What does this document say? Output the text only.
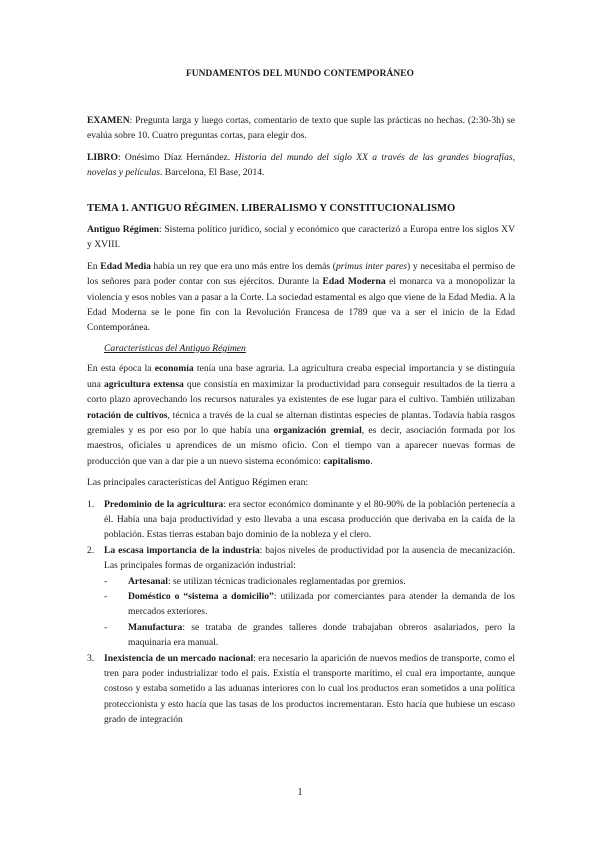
FUNDAMENTOS DEL MUNDO CONTEMPORÁNEO

EXAMEN: Pregunta larga y luego cortas, comentario de texto que suple las prácticas no hechas. (2:30-3h) se evalúa sobre 10. Cuatro preguntas cortas, para elegir dos.

LIBRO: Onésimo Díaz Hernández. Historia del mundo del siglo XX a través de las grandes biografías, novelas y películas. Barcelona, El Base, 2014.

TEMA 1. ANTIGUO RÉGIMEN. LIBERALISMO Y CONSTITUCIONALISMO

Antiguo Régimen: Sistema político jurídico, social y económico que caracterizó a Europa entre los siglos XV y XVIII.

En Edad Media había un rey que era uno más entre los demás (primus inter pares) y necesitaba el permiso de los señores para poder contar con sus ejércitos. Durante la Edad Moderna el monarca va a monopolizar la violencia y esos nobles van a pasar a la Corte. La sociedad estamental es algo que viene de la Edad Media. A la Edad Moderna se le pone fin con la Revolución Francesa de 1789 que va a ser el inicio de la Edad Contemporánea.

Características del Antiguo Régimen

En esta época la economía tenía una base agraria. La agricultura creaba especial importancia y se distinguía una agricultura extensa que consistía en maximizar la productividad para conseguir resultados de la tierra a corto plazo aprovechando los recursos naturales ya existentes de ese lugar para el cultivo. También utilizaban rotación de cultivos, técnica a través de la cual se alternan distintas especies de plantas. Todavía había rasgos gremiales y es por eso por lo que había una organización gremial, es decir, asociación formada por los maestros, oficiales u aprendices de un mismo oficio. Con el tiempo van a aparecer nuevas formas de producción que van a dar pie a un nuevo sistema económico: capitalismo.

Las principales características del Antiguo Régimen eran:

1. Predominio de la agricultura: era sector económico dominante y el 80-90% de la población pertenecía a él. Había una baja productividad y esto llevaba a una escasa producción que derivaba en la caída de la población. Estas tierras estaban bajo dominio de la nobleza y el clero.
2. La escasa importancia de la industria: bajos niveles de productividad por la ausencia de mecanización. Las principales formas de organización industrial:
- Artesanal: se utilizan técnicas tradicionales reglamentadas por gremios.
- Doméstico o “sistema a domicilio”: utilizada por comerciantes para atender la demanda de los mercados exteriores.
- Manufactura: se trataba de grandes talleres donde trabajaban obreros asalariados, pero la maquinaria era manual.
3. Inexistencia de un mercado nacional: era necesario la aparición de nuevos medios de transporte, como el tren para poder industrializar todo el país. Existía el transporte marítimo, el cual era importante, aunque costoso y estaba sometido a las aduanas interiores con lo cual los productos eran sometidos a una política proteccionista y esto hacía que las tasas de los productos incrementaran. Esto hacía que hubiese un escaso grado de integración
1
